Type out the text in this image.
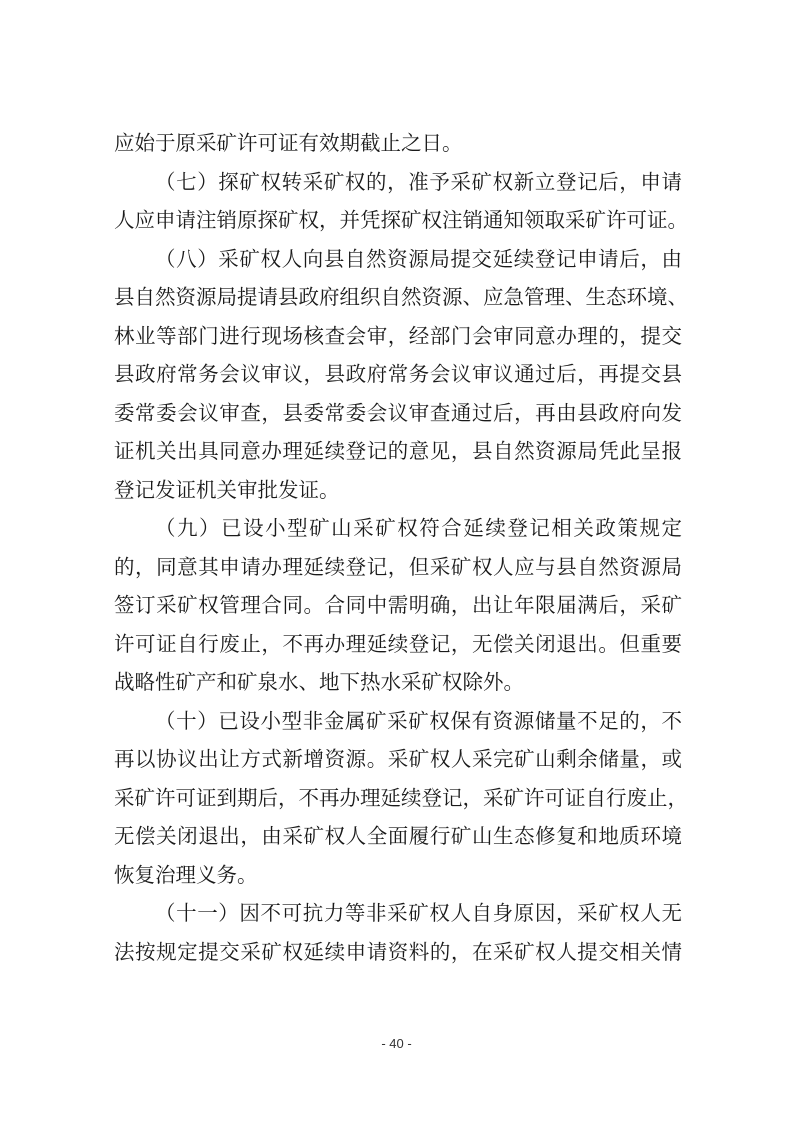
应始于原采矿许可证有效期截止之日。
（七）探矿权转采矿权的，准予采矿权新立登记后，申请
人应申请注销原探矿权，并凭探矿权注销通知领取采矿许可证。
（八）采矿权人向县自然资源局提交延续登记申请后，由
县自然资源局提请县政府组织自然资源、应急管理、生态环境、
林业等部门进行现场核查会审，经部门会审同意办理的，提交
县政府常务会议审议，县政府常务会议审议通过后，再提交县
委常委会议审查，县委常委会议审查通过后，再由县政府向发
证机关出具同意办理延续登记的意见，县自然资源局凭此呈报
登记发证机关审批发证。
（九）已设小型矿山采矿权符合延续登记相关政策规定
的，同意其申请办理延续登记，但采矿权人应与县自然资源局
签订采矿权管理合同。合同中需明确，出让年限届满后，采矿
许可证自行废止，不再办理延续登记，无偿关闭退出。但重要
战略性矿产和矿泉水、地下热水采矿权除外。
（十）已设小型非金属矿采矿权保有资源储量不足的，不
再以协议出让方式新增资源。采矿权人采完矿山剩余储量，或
采矿许可证到期后，不再办理延续登记，采矿许可证自行废止，
无偿关闭退出，由采矿权人全面履行矿山生态修复和地质环境
恢复治理义务。
（十一）因不可抗力等非采矿权人自身原因，采矿权人无
法按规定提交采矿权延续申请资料的，在采矿权人提交相关情
- 40 -
